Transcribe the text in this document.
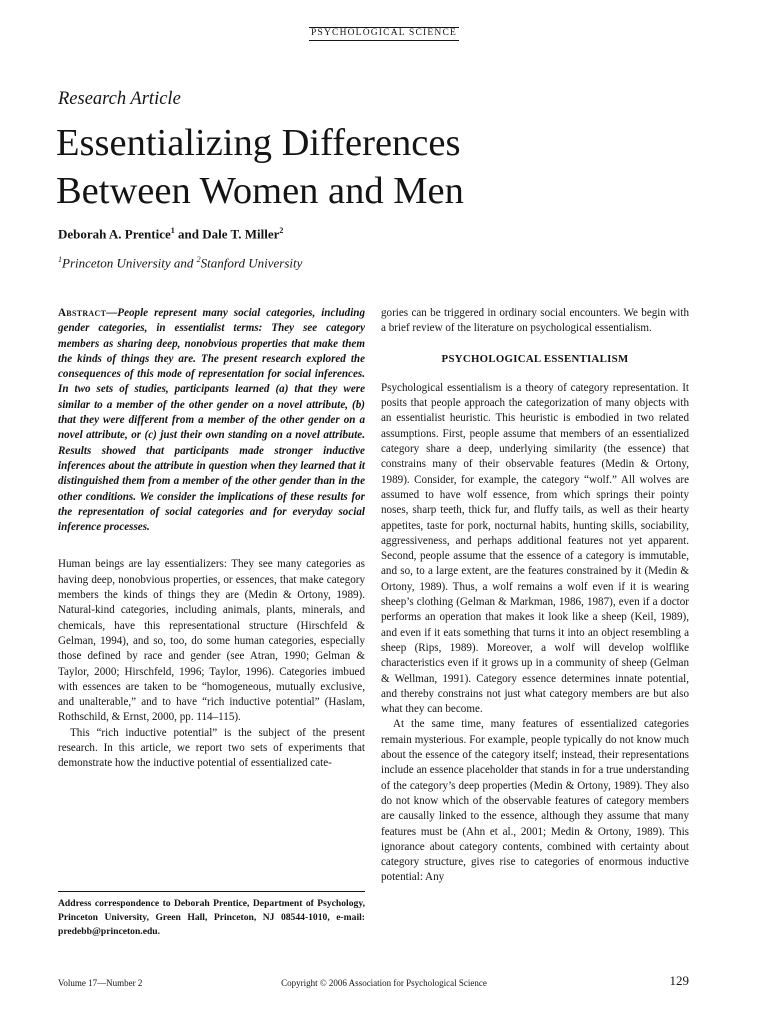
PSYCHOLOGICAL SCIENCE
Research Article
Essentializing Differences
Between Women and Men
Deborah A. Prentice$^1$ and Dale T. Miller$^2$
$^1$Princeton University and $^2$Stanford University

Abstract—People represent many social categories, including gender categories, in essentialist terms: They see category members as sharing deep, nonobvious properties that make them the kinds of things they are. The present research explored the consequences of this mode of representation for social inferences. In two sets of studies, participants learned (a) that they were similar to a member of the other gender on a novel attribute, (b) that they were different from a member of the other gender on a novel attribute, or (c) just their own standing on a novel attribute. Results showed that participants made stronger inductive inferences about the attribute in question when they learned that it distinguished them from a member of the other gender than in the other conditions. We consider the implications of these results for the representation of social categories and for everyday social inference processes.

Human beings are lay essentializers: They see many categories as having deep, nonobvious properties, or essences, that make category members the kinds of things they are (Medin & Ortony, 1989). Natural-kind categories, including animals, plants, minerals, and chemicals, have this representational structure (Hirschfeld & Gelman, 1994), and so, too, do some human categories, especially those defined by race and gender (see Atran, 1990; Gelman & Taylor, 2000; Hirschfeld, 1996; Taylor, 1996). Categories imbued with essences are taken to be “homogeneous, mutually exclusive, and unalterable,” and to have “rich inductive potential” (Haslam, Rothschild, & Ernst, 2000, pp. 114–115).

This “rich inductive potential” is the subject of the present research. In this article, we report two sets of experiments that demonstrate how the inductive potential of essentialized cate-

gories can be triggered in ordinary social encounters. We begin with a brief review of the literature on psychological essentialism.

PSYCHOLOGICAL ESSENTIALISM

Psychological essentialism is a theory of category representation. It posits that people approach the categorization of many objects with an essentialist heuristic. This heuristic is embodied in two related assumptions. First, people assume that members of an essentialized category share a deep, underlying similarity (the essence) that constrains many of their observable features (Medin & Ortony, 1989). Consider, for example, the category “wolf.” All wolves are assumed to have wolf essence, from which springs their pointy noses, sharp teeth, thick fur, and fluffy tails, as well as their hearty appetites, taste for pork, nocturnal habits, hunting skills, sociability, aggressiveness, and perhaps additional features not yet apparent. Second, people assume that the essence of a category is immutable, and so, to a large extent, are the features constrained by it (Medin & Ortony, 1989). Thus, a wolf remains a wolf even if it is wearing sheep’s clothing (Gelman & Markman, 1986, 1987), even if a doctor performs an operation that makes it look like a sheep (Keil, 1989), and even if it eats something that turns it into an object resembling a sheep (Rips, 1989). Moreover, a wolf will develop wolflike characteristics even if it grows up in a community of sheep (Gelman & Wellman, 1991). Category essence determines innate potential, and thereby constrains not just what category members are but also what they can become.

At the same time, many features of essentialized categories remain mysterious. For example, people typically do not know much about the essence of the category itself; instead, their representations include an essence placeholder that stands in for a true understanding of the category’s deep properties (Medin & Ortony, 1989). They also do not know which of the observable features of category members are causally linked to the essence, although they assume that many features must be (Ahn et al., 2001; Medin & Ortony, 1989). This ignorance about category contents, combined with certainty about category structure, gives rise to categories of enormous inductive potential: Any

Address correspondence to Deborah Prentice, Department of Psychology, Princeton University, Green Hall, Princeton, NJ 08544-1010, e-mail: predebb@princeton.edu.
Volume 17—Number 2	Copyright © 2006 Association for Psychological Science	129
